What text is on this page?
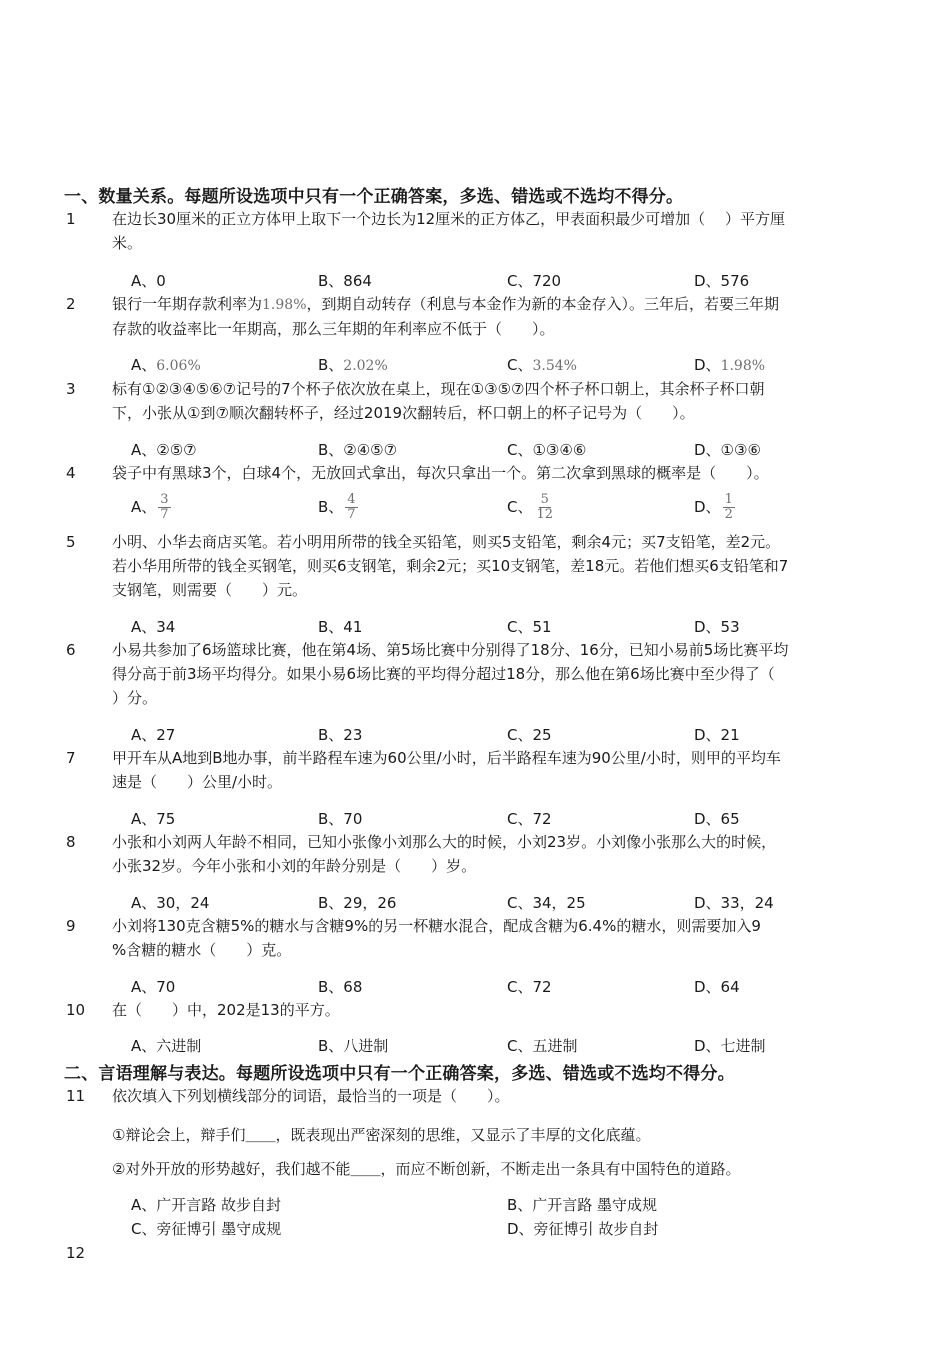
一、数量关系。每题所设选项中只有一个正确答案，多选、错选或不选均不得分。
1 在边长30厘米的正立方体甲上取下一个边长为12厘米的正方体乙，甲表面积最少可增加（　 ）平方厘
米。
A、0	B、864	C、720	D、576
2 银行一年期存款利率为1.98%，到期自动转存（利息与本金作为新的本金存入）。三年后，若要三年期
存款的收益率比一年期高，那么三年期的年利率应不低于（　　）。
A、6.06%	B、2.02%	C、3.54%	D、1.98%
3 标有①②③④⑤⑥⑦记号的7个杯子依次放在桌上，现在①③⑤⑦四个杯子杯口朝上，其余杯子杯口朝
下，小张从①到⑦顺次翻转杯子，经过2019次翻转后，杯口朝上的杯子记号为（　　）。
A、②⑤⑦	B、②④⑤⑦	C、①③④⑥	D、①③⑥
4 袋子中有黑球3个，白球4个，无放回式拿出，每次只拿出一个。第二次拿到黑球的概率是（　　）。
A、 $\frac{3}{7}$	B、 $\frac{4}{7}$	C、 $\frac{5}{12}$	D、 $\frac{1}{2}$
5 小明、小华去商店买笔。若小明用所带的钱全买铅笔，则买5支铅笔，剩余4元；买7支铅笔，差2元。
若小华用所带的钱全买钢笔，则买6支钢笔，剩余2元；买10支钢笔，差18元。若他们想买6支铅笔和7
支钢笔，则需要（　　）元。
A、34	B、41	C、51	D、53
6 小易共参加了6场篮球比赛，他在第4场、第5场比赛中分别得了18分、16分，已知小易前5场比赛平均
得分高于前3场平均得分。如果小易6场比赛的平均得分超过18分，那么他在第6场比赛中至少得了（
）分。
A、27	B、23	C、25	D、21
7 甲开车从A地到B地办事，前半路程车速为60公里/小时，后半路程车速为90公里/小时，则甲的平均车
速是（　　）公里/小时。
A、75	B、70	C、72	D、65
8 小张和小刘两人年龄不相同，已知小张像小刘那么大的时候，小刘23岁。小刘像小张那么大的时候，
小张32岁。今年小张和小刘的年龄分别是（　　）岁。
A、30，24	B、29，26	C、34，25	D、33，24
9 小刘将130克含糖5%的糖水与含糖9%的另一杯糖水混合，配成含糖为6.4%的糖水，则需要加入9
%含糖的糖水（　　）克。
A、70	B、68	C、72	D、64
10 在（　　）中，202是13的平方。
A、六进制	B、八进制	C、五进制	D、七进制
二、言语理解与表达。每题所设选项中只有一个正确答案，多选、错选或不选均不得分。
11 依次填入下列划横线部分的词语，最恰当的一项是（　　）。
①辩论会上，辩手们＿＿，既表现出严密深刻的思维，又显示了丰厚的文化底蕴。
②对外开放的形势越好，我们越不能＿＿，而应不断创新，不断走出一条具有中国特色的道路。
A、广开言路 故步自封	B、广开言路 墨守成规
C、旁征博引 墨守成规	D、旁征博引 故步自封
12
